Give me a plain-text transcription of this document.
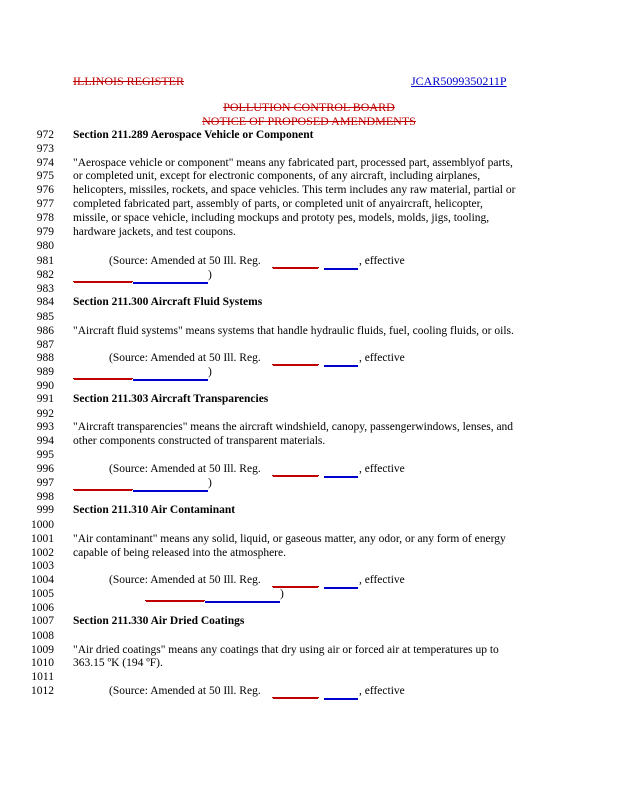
ILLINOIS REGISTER	JCAR5099350211P
POLLUTION CONTROL BOARD
NOTICE OF PROPOSED AMENDMENTS
972
973
974
975
976
977
978
979
980
981
982
983
984
985
986
987
988
989
990
991
992
993
994
995
996
997
998
999
1000
1001
1002
1003
1004
1005
1006
1007
1008
1009
1010
1011
1012
Section 211.289 Aerospace Vehicle or Component
"Aerospace vehicle or component" means any fabricated part, processed part, assemblyof parts,
or completed unit, except for electronic components, of any aircraft, including airplanes,
helicopters, missiles, rockets, and space vehicles. This term includes any raw material, partial or
completed fabricated part, assembly of parts, or completed unit of anyaircraft, helicopter,
missile, or space vehicle, including mockups and prototy pes, models, molds, jigs, tooling,
hardware jackets, and test coupons.
(Source: Amended at 50 Ill. Reg.	, effective
)
Section 211.300 Aircraft Fluid Systems
"Aircraft fluid systems" means systems that handle hydraulic fluids, fuel, cooling fluids, or oils.
(Source: Amended at 50 Ill. Reg.	, effective
)
Section 211.303 Aircraft Transparencies
"Aircraft transparencies" means the aircraft windshield, canopy, passengerwindows, lenses, and
other components constructed of transparent materials.
(Source: Amended at 50 Ill. Reg.	, effective
)
Section 211.310 Air Contaminant
"Air contaminant" means any solid, liquid, or gaseous matter, any odor, or any form of energy
capable of being released into the atmosphere.
(Source: Amended at 50 Ill. Reg.	, effective
)
Section 211.330 Air Dried Coatings
"Air dried coatings" means any coatings that dry using air or forced air at temperatures up to
363.15 ºK (194 ºF).
(Source: Amended at 50 Ill. Reg.	, effective
